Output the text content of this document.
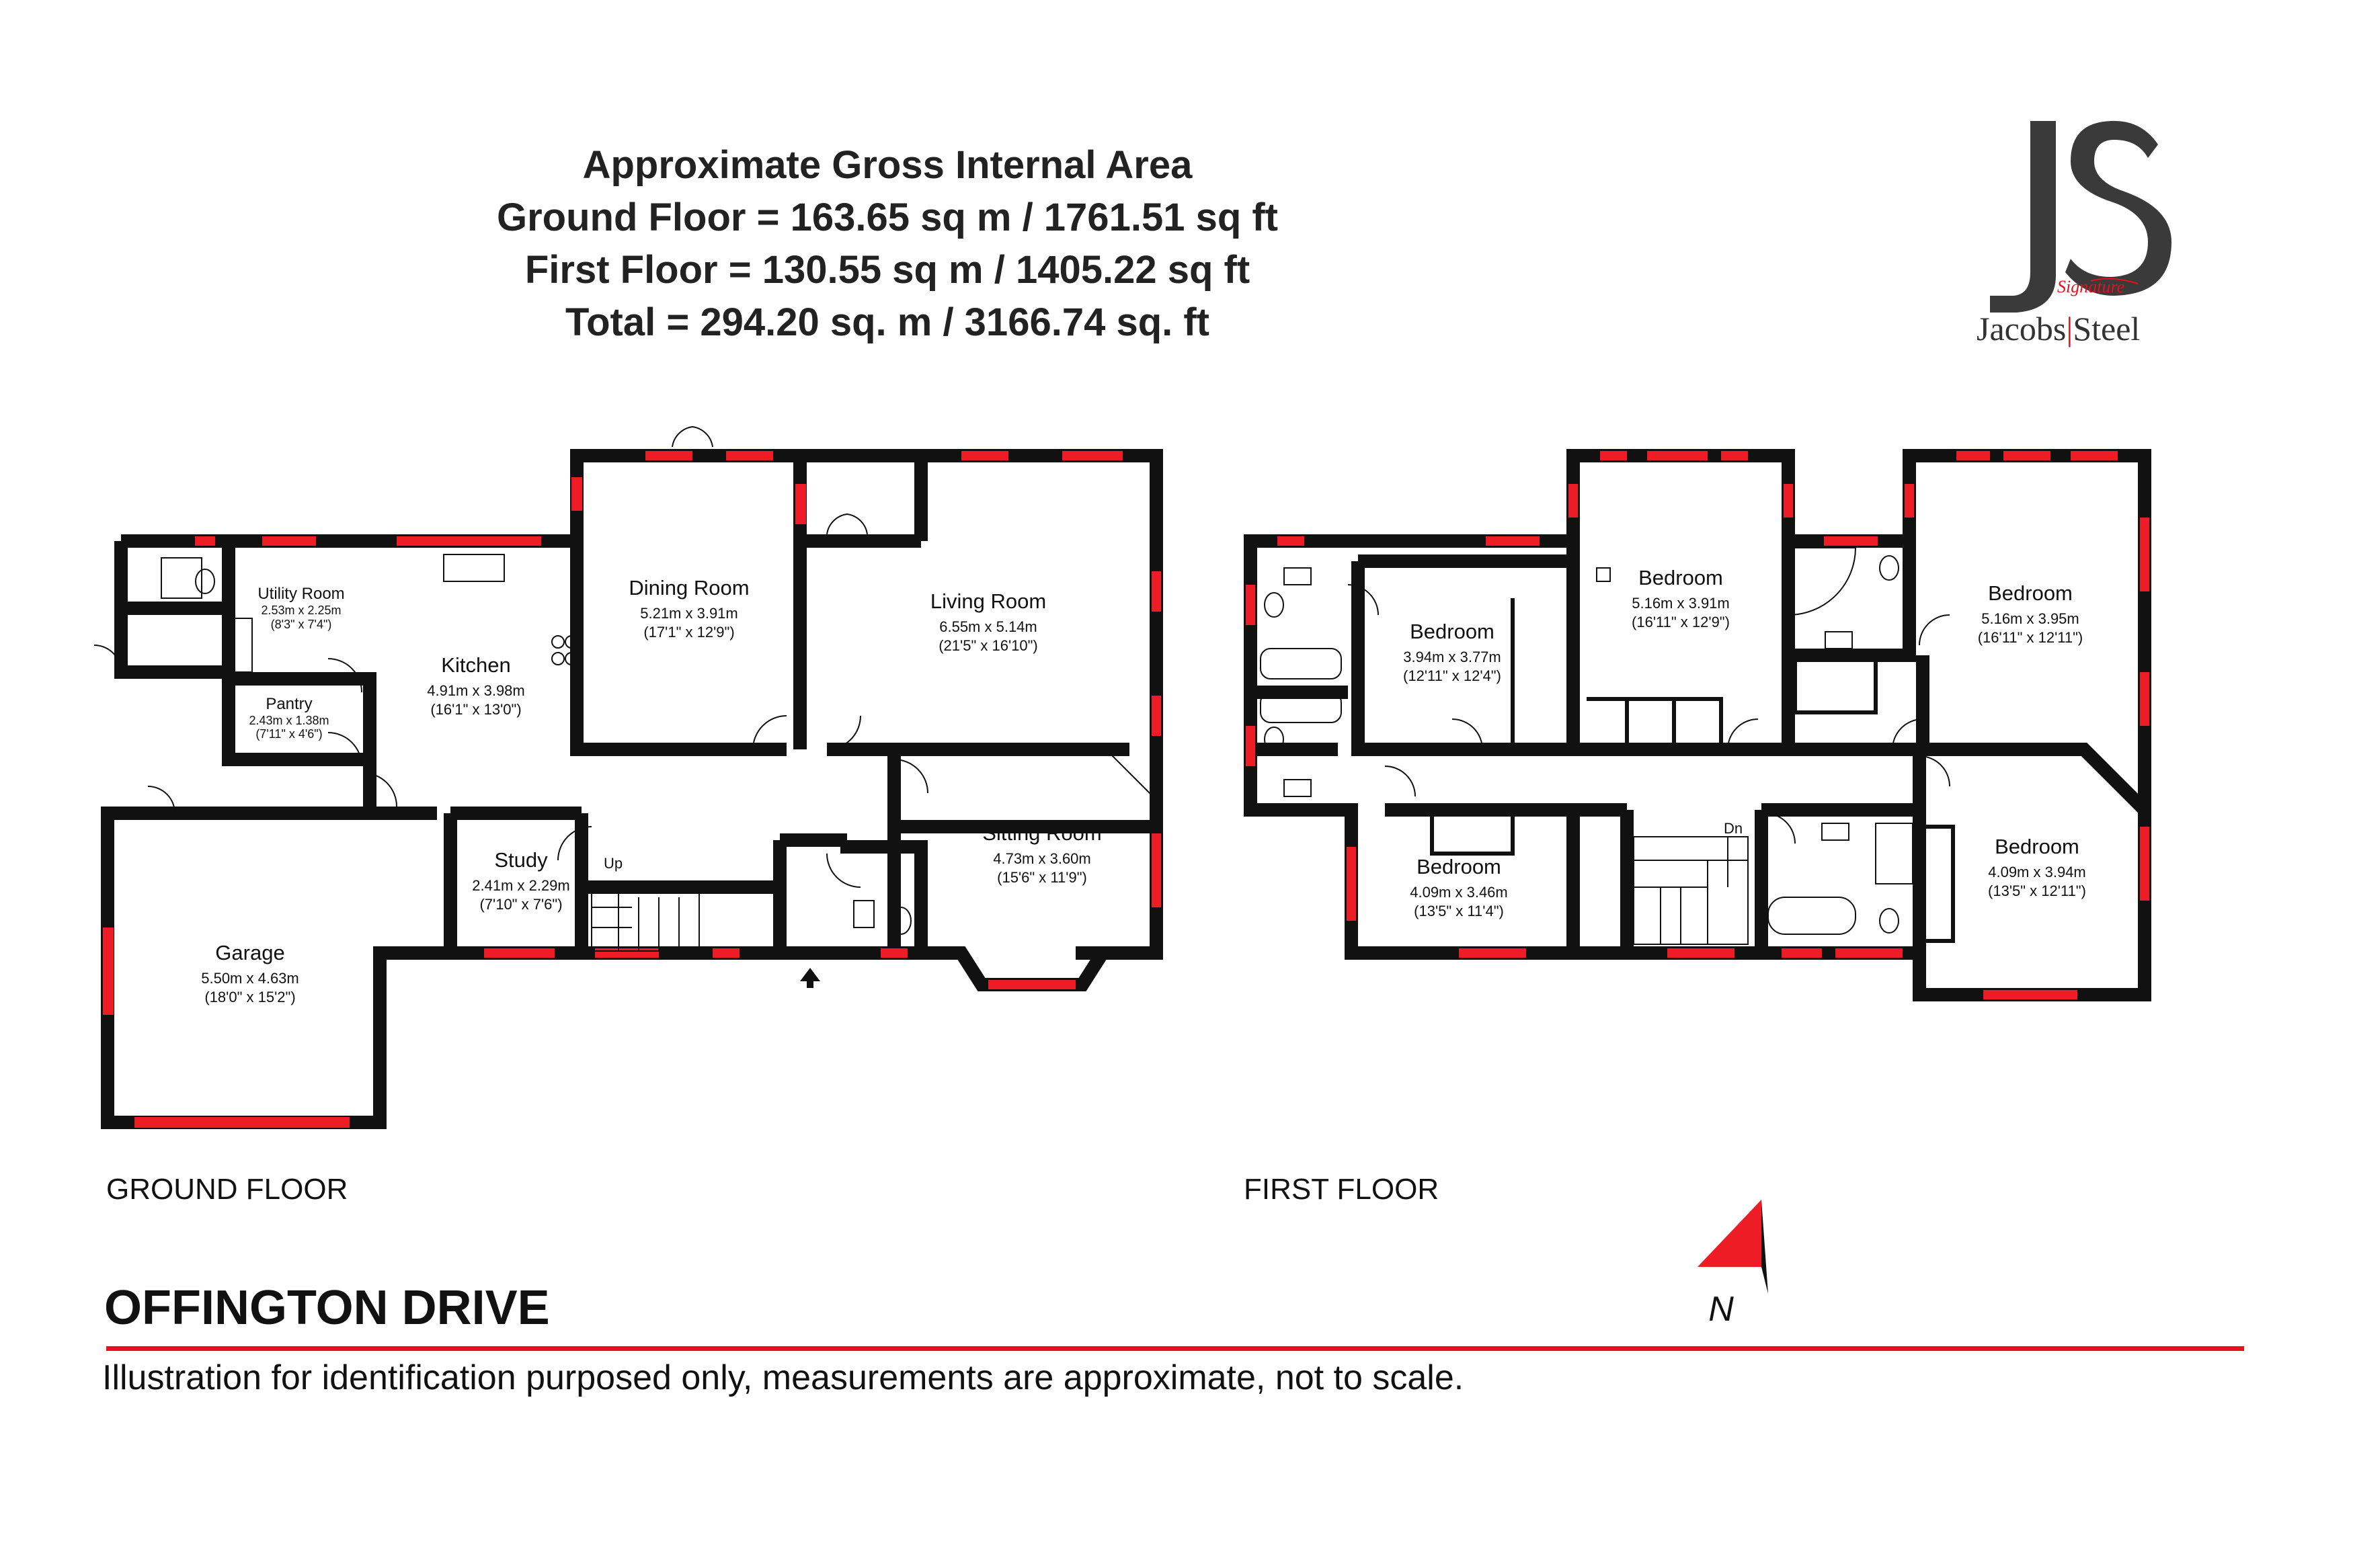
Approximate Gross Internal Area
Ground Floor = 163.65 sq m / 1761.51 sq ft
First Floor = 130.55 sq m / 1405.22 sq ft
Total = 294.20 sq. m / 3166.74 sq. ft
Signature
Jacobs|Steel
Utility Room
2.53m x 2.25m
(8'3" x 7'4")
Pantry
2.43m x 1.38m
(7'11" x 4'6")
Kitchen
4.91m x 3.98m
(16'1" x 13'0")
Dining Room
5.21m x 3.91m
(17'1" x 12'9")
Living Room
6.55m x 5.14m
(21'5" x 16'10")
Sitting Room
4.73m x 3.60m
(15'6" x 11'9")
Study
2.41m x 2.29m
(7'10" x 7'6")
Garage
5.50m x 4.63m
(18'0" x 15'2")
Up
Bedroom
3.94m x 3.77m
(12'11" x 12'4")
Bedroom
5.16m x 3.91m
(16'11" x 12'9")
Bedroom
5.16m x 3.95m
(16'11" x 12'11")
Bedroom
4.09m x 3.46m
(13'5" x 11'4")
Bedroom
4.09m x 3.94m
(13'5" x 12'11")
Dn
N
GROUND FLOOR	FIRST FLOOR
OFFINGTON DRIVE
Illustration for identification purposed only, measurements are approximate, not to scale.
